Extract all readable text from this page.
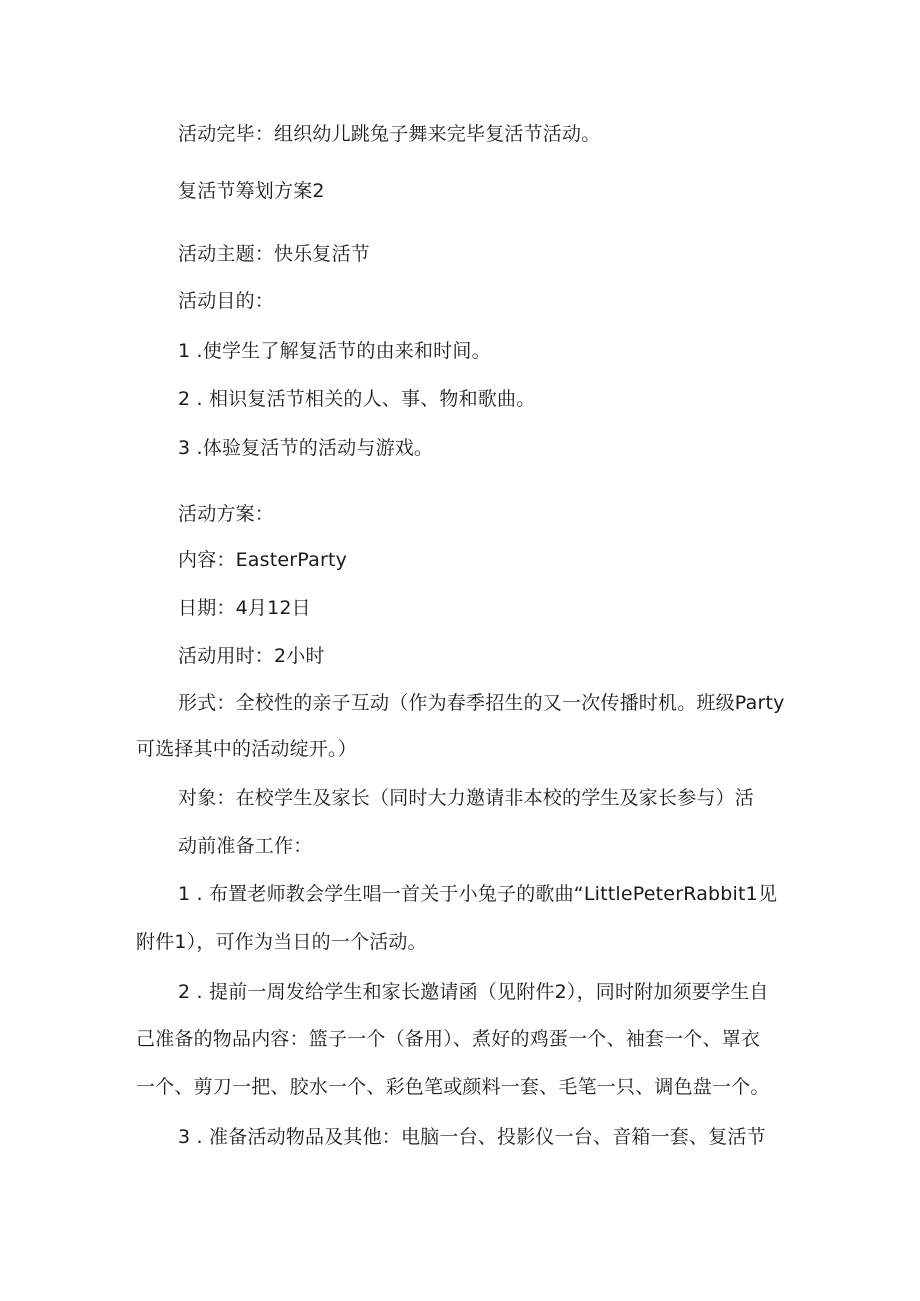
活动完毕：组织幼儿跳兔子舞来完毕复活节活动。
复活节筹划方案2
活动主题：快乐复活节
活动目的：
1 .使学生了解复活节的由来和时间。
2 . 相识复活节相关的人、事、物和歌曲。
3 .体验复活节的活动与游戏。
活动方案：
内容：EasterParty
日期：4月12日
活动用时：2小时
形式：全校性的亲子互动（作为春季招生的又一次传播时机。班级Party
可选择其中的活动绽开。）
对象：在校学生及家长（同时大力邀请非本校的学生及家长参与）活
动前准备工作：
1 . 布置老师教会学生唱一首关于小兔子的歌曲“LittlePeterRabbit1见
附件1），可作为当日的一个活动。
2 . 提前一周发给学生和家长邀请函（见附件2），同时附加须要学生自
己准备的物品内容：篮子一个（备用）、煮好的鸡蛋一个、袖套一个、罩衣
一个、剪刀一把、胶水一个、彩色笔或颜料一套、毛笔一只、调色盘一个。
3 . 准备活动物品及其他：电脑一台、投影仪一台、音箱一套、复活节
